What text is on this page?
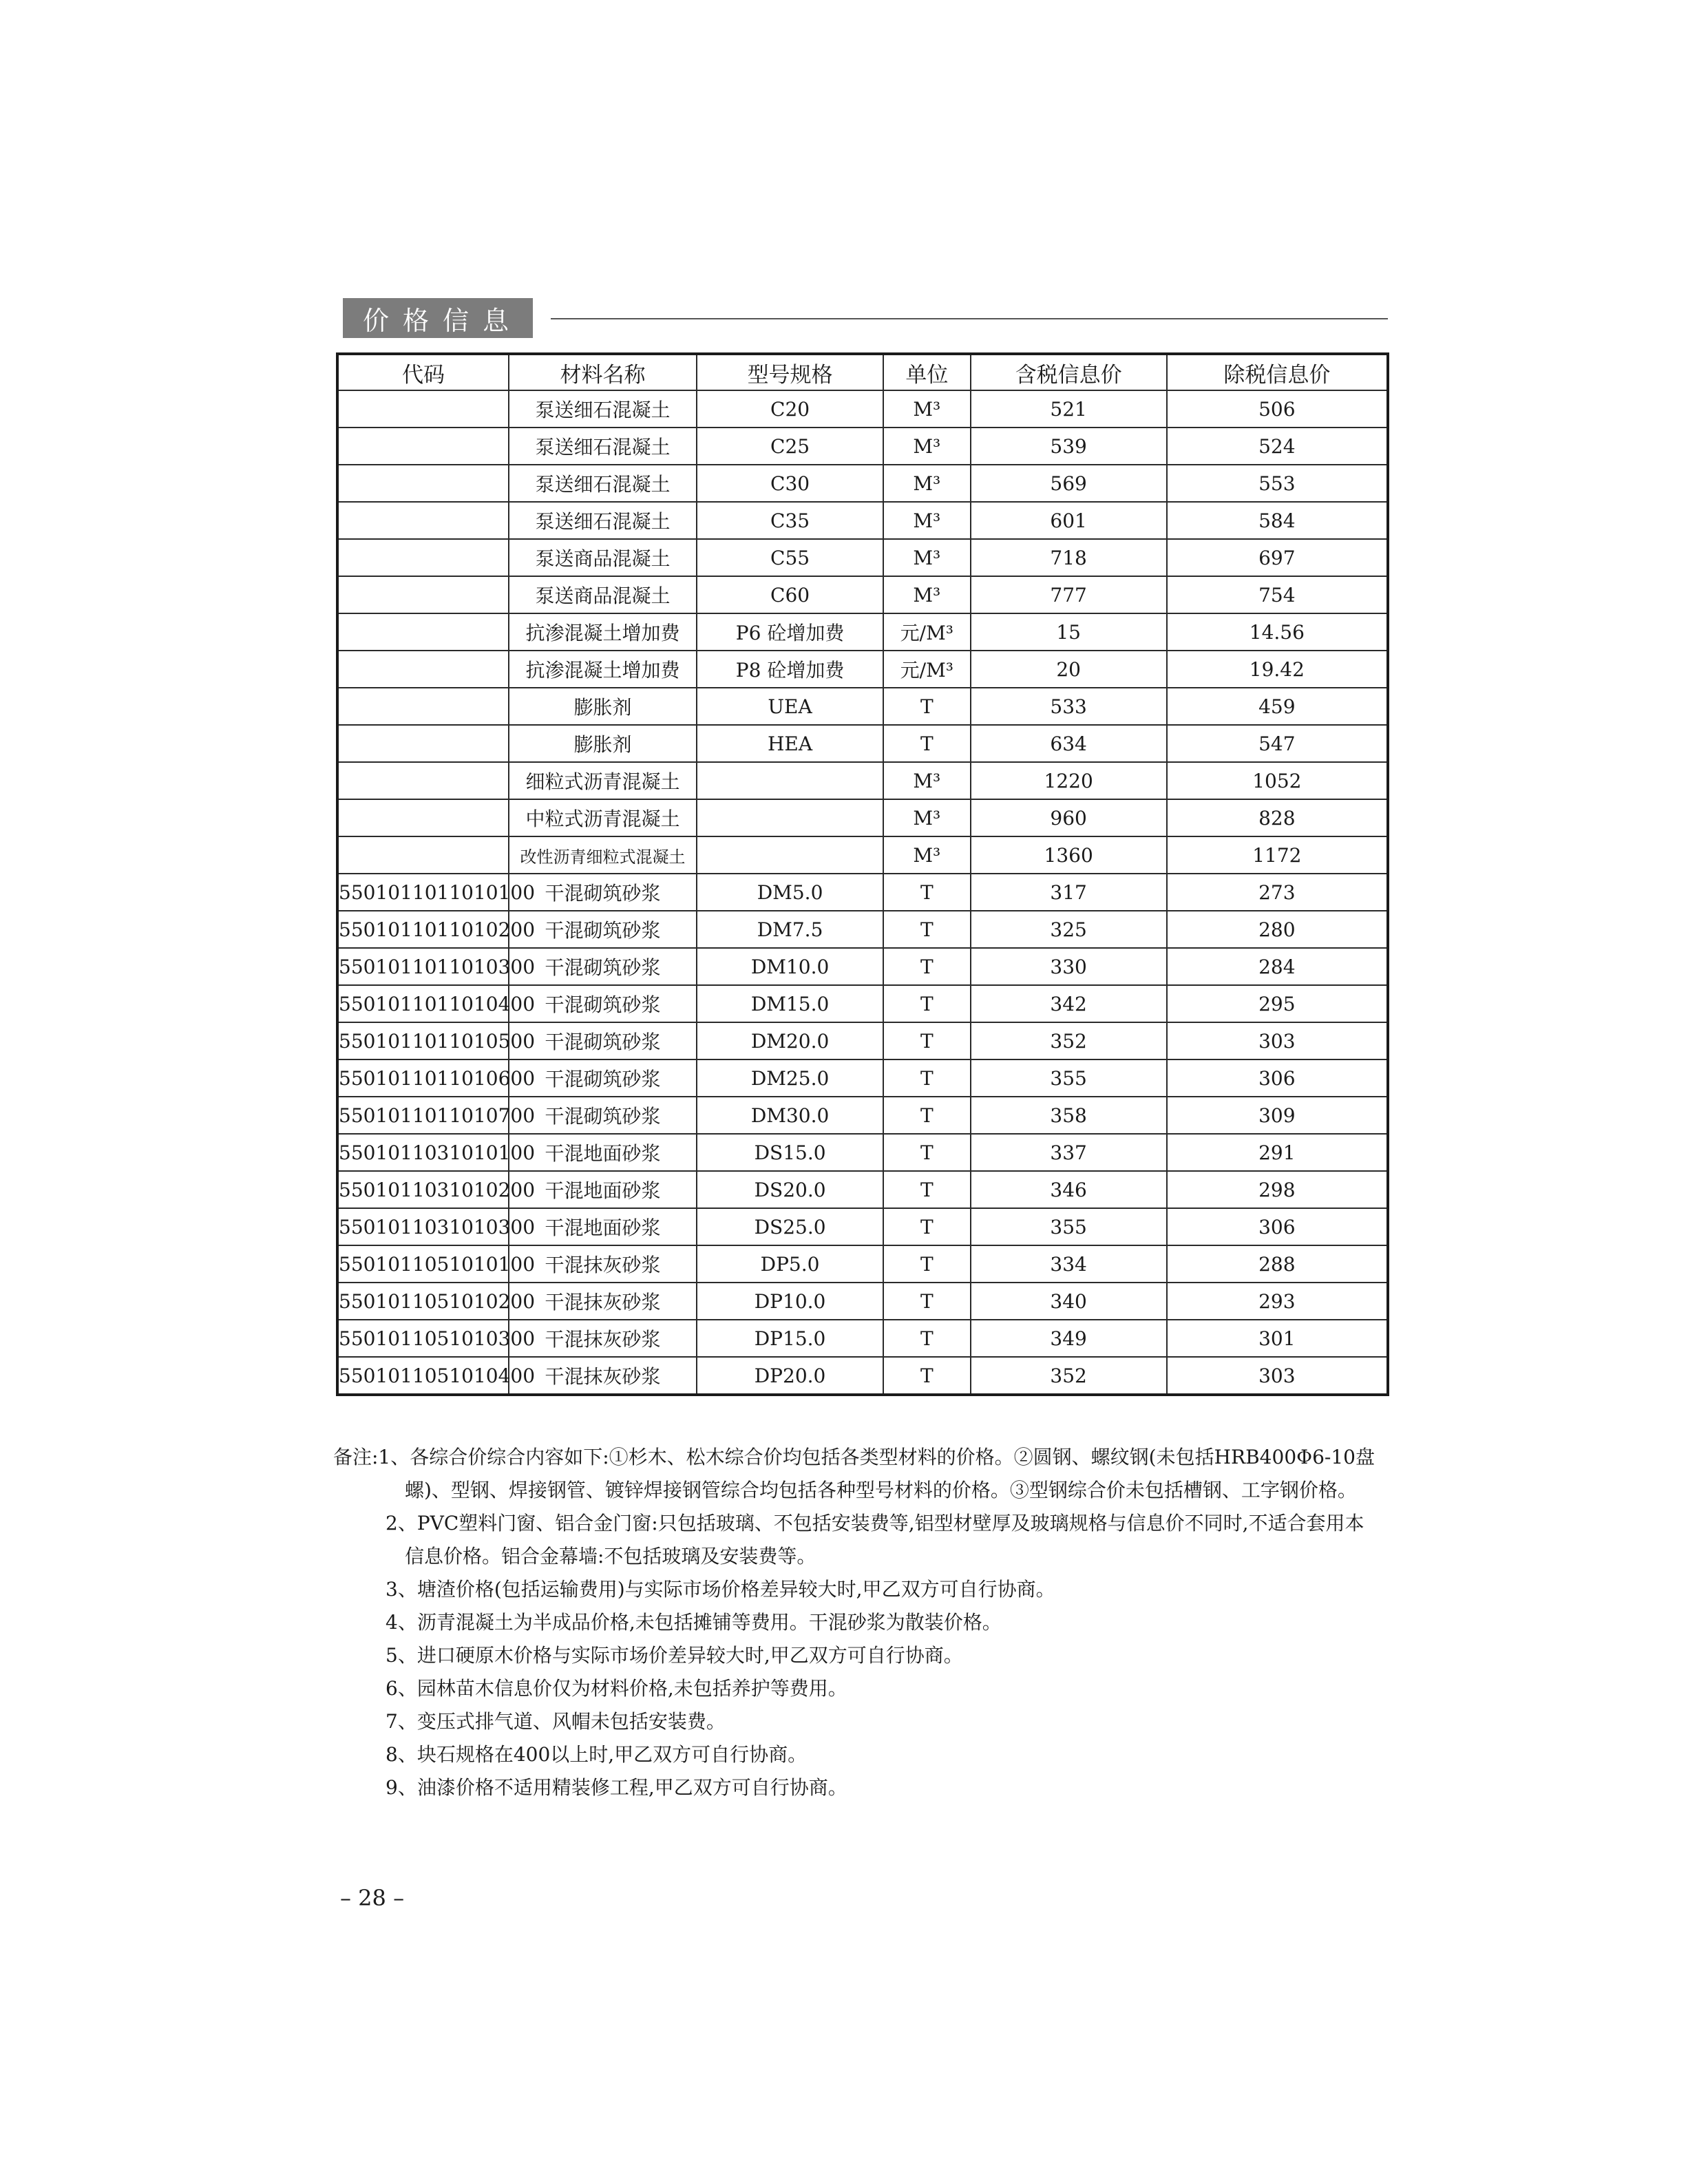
价格信息
代码	材料名称	型号规格	单位	含税信息价	除税信息价
	泵送细石混凝土	C20	M³	521	506
	泵送细石混凝土	C25	M³	539	524
	泵送细石混凝土	C30	M³	569	553
	泵送细石混凝土	C35	M³	601	584
	泵送商品混凝土	C55	M³	718	697
	泵送商品混凝土	C60	M³	777	754
	抗渗混凝土增加费	P6 砼增加费	元/M³	15	14.56
	抗渗混凝土增加费	P8 砼增加费	元/M³	20	19.42
	膨胀剂	UEA	T	533	459
	膨胀剂	HEA	T	634	547
	细粒式沥青混凝土		M³	1220	1052
	中粒式沥青混凝土		M³	960	828
	改性沥青细粒式混凝土		M³	1360	1172
5501011011010100	干混砌筑砂浆	DM5.0	T	317	273
5501011011010200	干混砌筑砂浆	DM7.5	T	325	280
5501011011010300	干混砌筑砂浆	DM10.0	T	330	284
5501011011010400	干混砌筑砂浆	DM15.0	T	342	295
5501011011010500	干混砌筑砂浆	DM20.0	T	352	303
5501011011010600	干混砌筑砂浆	DM25.0	T	355	306
5501011011010700	干混砌筑砂浆	DM30.0	T	358	309
5501011031010100	干混地面砂浆	DS15.0	T	337	291
5501011031010200	干混地面砂浆	DS20.0	T	346	298
5501011031010300	干混地面砂浆	DS25.0	T	355	306
5501011051010100	干混抹灰砂浆	DP5.0	T	334	288
5501011051010200	干混抹灰砂浆	DP10.0	T	340	293
5501011051010300	干混抹灰砂浆	DP15.0	T	349	301
5501011051010400	干混抹灰砂浆	DP20.0	T	352	303
备注:1、各综合价综合内容如下:①杉木、松木综合价均包括各类型材料的价格。②圆钢、螺纹钢(未包括HRB400Φ6-10盘
螺)、型钢、焊接钢管、镀锌焊接钢管综合均包括各种型号材料的价格。③型钢综合价未包括槽钢、工字钢价格。
2、PVC塑料门窗、铝合金门窗:只包括玻璃、不包括安装费等,铝型材壁厚及玻璃规格与信息价不同时,不适合套用本
信息价格。铝合金幕墙:不包括玻璃及安装费等。
3、塘渣价格(包括运输费用)与实际市场价格差异较大时,甲乙双方可自行协商。
4、沥青混凝土为半成品价格,未包括摊铺等费用。干混砂浆为散装价格。
5、进口硬原木价格与实际市场价差异较大时,甲乙双方可自行协商。
6、园林苗木信息价仅为材料价格,未包括养护等费用。
7、变压式排气道、风帽未包括安装费。
8、块石规格在400以上时,甲乙双方可自行协商。
9、油漆价格不适用精装修工程,甲乙双方可自行协商。
– 28 –
